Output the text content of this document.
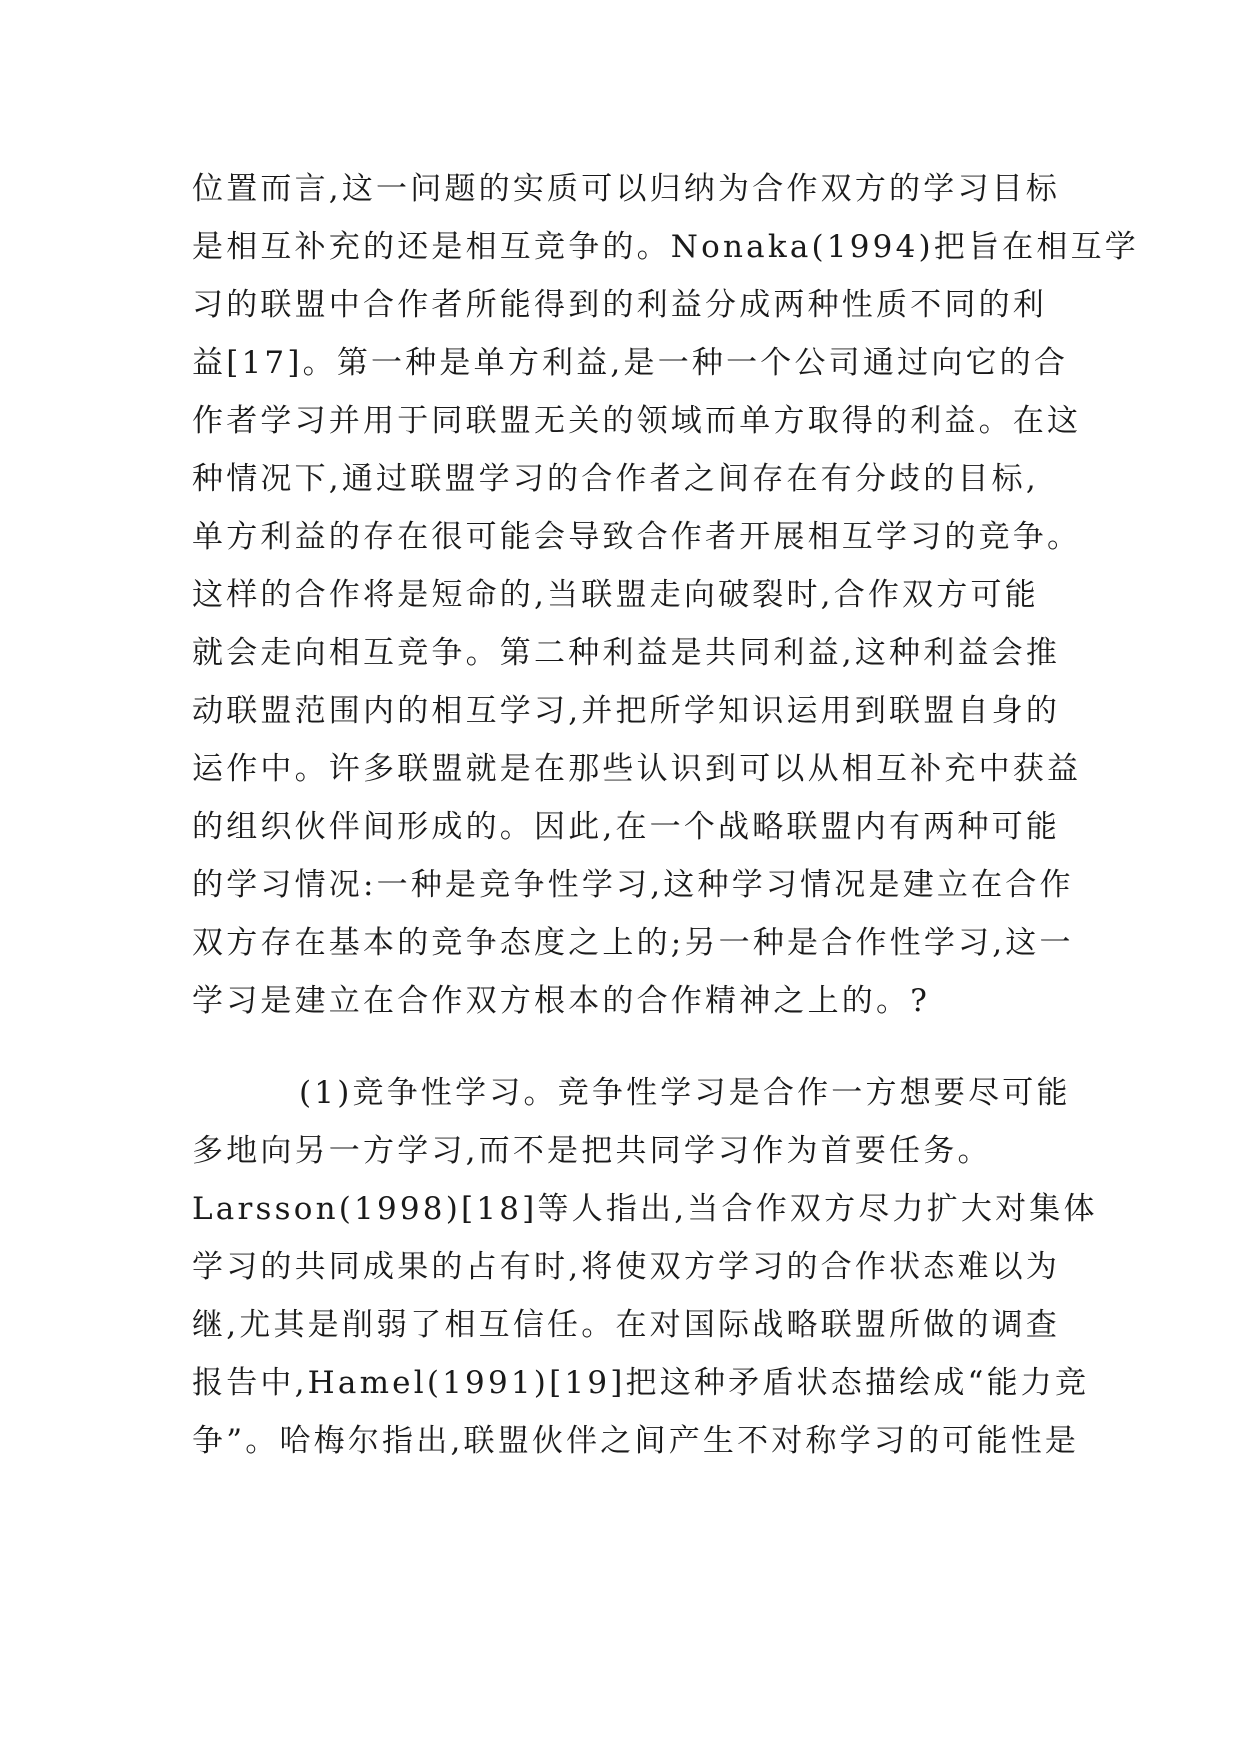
位置而言,这一问题的实质可以归纳为合作双方的学习目标
是相互补充的还是相互竞争的。Nonaka(1994)把旨在相互学
习的联盟中合作者所能得到的利益分成两种性质不同的利
益[17]。第一种是单方利益,是一种一个公司通过向它的合
作者学习并用于同联盟无关的领域而单方取得的利益。在这
种情况下,通过联盟学习的合作者之间存在有分歧的目标,
单方利益的存在很可能会导致合作者开展相互学习的竞争。
这样的合作将是短命的,当联盟走向破裂时,合作双方可能
就会走向相互竞争。第二种利益是共同利益,这种利益会推
动联盟范围内的相互学习,并把所学知识运用到联盟自身的
运作中。许多联盟就是在那些认识到可以从相互补充中获益
的组织伙伴间形成的。因此,在一个战略联盟内有两种可能
的学习情况:一种是竞争性学习,这种学习情况是建立在合作
双方存在基本的竞争态度之上的;另一种是合作性学习,这一
学习是建立在合作双方根本的合作精神之上的。?
(1)竞争性学习。竞争性学习是合作一方想要尽可能
多地向另一方学习,而不是把共同学习作为首要任务。
Larsson(1998)[18]等人指出,当合作双方尽力扩大对集体
学习的共同成果的占有时,将使双方学习的合作状态难以为
继,尤其是削弱了相互信任。在对国际战略联盟所做的调查
报告中,Hamel(1991)[19]把这种矛盾状态描绘成“能力竞
争”。哈梅尔指出,联盟伙伴之间产生不对称学习的可能性是
